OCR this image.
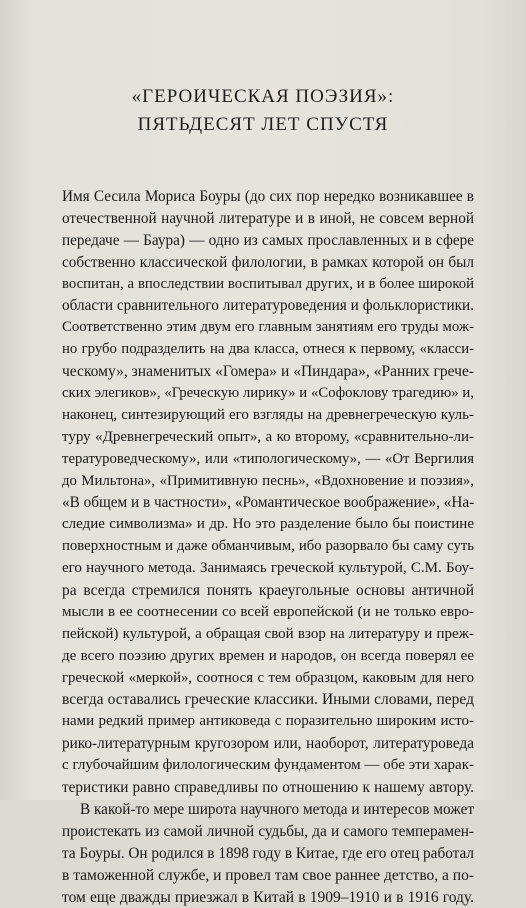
«ГЕРОИЧЕСКАЯ ПОЭЗИЯ»:
ПЯТЬДЕСЯТ ЛЕТ СПУСТЯ
Имя Сесила Мориса Боуры (до сих пор нередко возникавшее в
отечественной научной литературе и в иной, не совсем верной
передаче — Баура) — одно из самых прославленных и в сфере
собственно классической филологии, в рамках которой он был
воспитан, а впоследствии воспитывал других, и в более широкой
области сравнительного литературоведения и фольклористики.
Соответственно этим двум его главным занятиям его труды мож-
но грубо подразделить на два класса, отнеся к первому, «класси-
ческому», знаменитых «Гомера» и «Пиндара», «Ранних грече-
ских элегиков», «Греческую лирику» и «Софоклову трагедию» и,
наконец, синтезирующий его взгляды на древнегреческую куль-
туру «Древнегреческий опыт», а ко второму, «сравнительно-ли-
тературоведческому», или «типологическому», — «От Вергилия
до Мильтона», «Примитивную песнь», «Вдохновение и поэзия»,
«В общем и в частности», «Романтическое воображение», «На-
следие символизма» и др. Но это разделение было бы поистине
поверхностным и даже обманчивым, ибо разорвало бы саму суть
его научного метода. Занимаясь греческой культурой, С.М. Боу-
ра всегда стремился понять краеугольные основы античной
мысли в ее соотнесении со всей европейской (и не только евро-
пейской) культурой, а обращая свой взор на литературу и преж-
де всего поэзию других времен и народов, он всегда поверял ее
греческой «меркой», соотнося с тем образцом, каковым для него
всегда оставались греческие классики. Иными словами, перед
нами редкий пример антиковеда с поразительно широким исто-
рико-литературным кругозором или, наоборот, литературоведа
с глубочайшим филологическим фундаментом — обе эти харак-
теристики равно справедливы по отношению к нашему автору.
В какой-то мере широта научного метода и интересов может
проистекать из самой личной судьбы, да и самого темперамен-
та Боуры. Он родился в 1898 году в Китае, где его отец работал
в таможенной службе, и провел там свое раннее детство, а по-
том еще дважды приезжал в Китай в 1909–1910 и в 1916 году.
